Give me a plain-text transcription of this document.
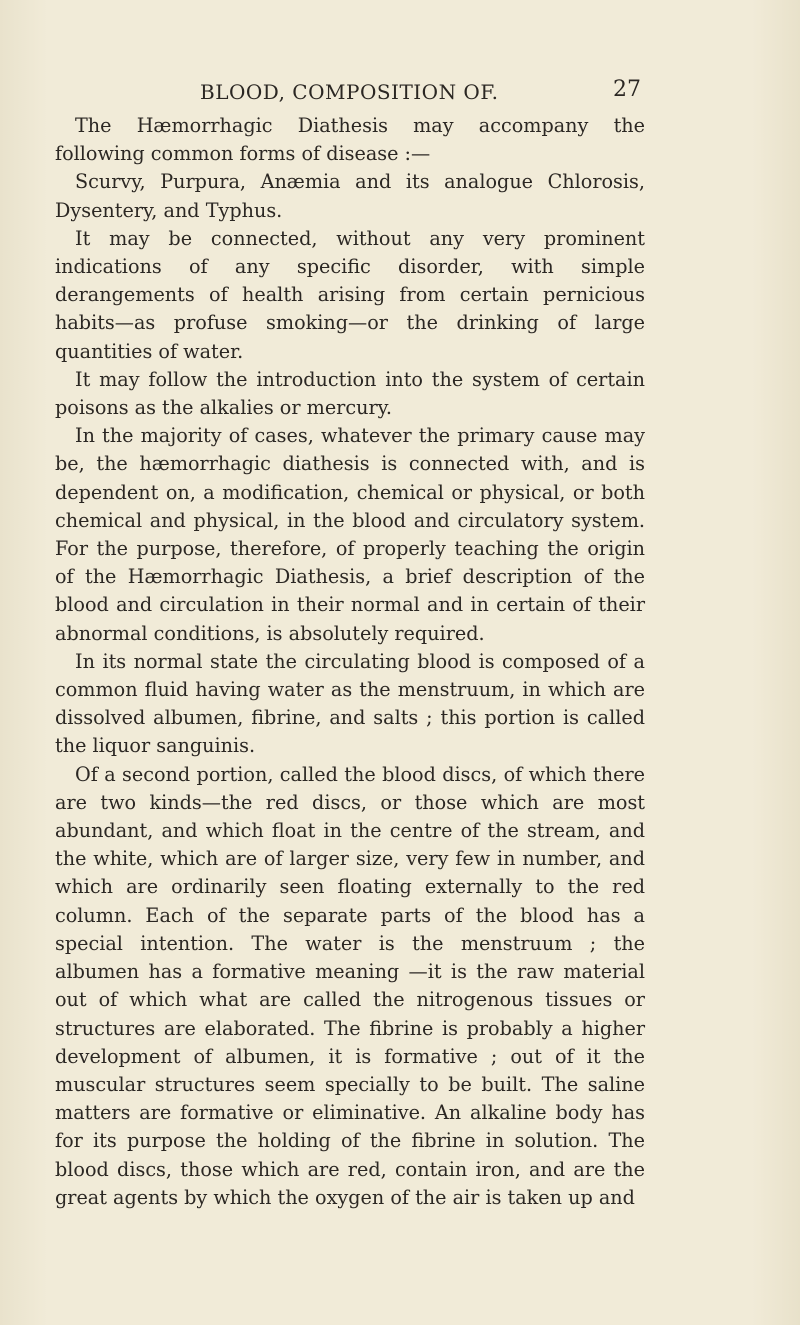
BLOOD, COMPOSITION OF.	27

The Hæmorrhagic Diathesis may accompany the following common forms of disease :—

Scurvy, Purpura, Anæmia and its analogue Chlorosis, Dysentery, and Typhus.

It may be connected, without any very prominent indications of any specific disorder, with simple derangements of health arising from certain pernicious habits—as profuse smoking—or the drinking of large quantities of water.

It may follow the introduction into the system of certain poisons as the alkalies or mercury.

In the majority of cases, whatever the primary cause may be, the hæmorrhagic diathesis is connected with, and is dependent on, a modification, chemical or physical, or both chemical and physical, in the blood and circulatory system. For the purpose, therefore, of properly teaching the origin of the Hæmorrhagic Diathesis, a brief description of the blood and circulation in their normal and in certain of their abnormal conditions, is absolutely required.

In its normal state the circulating blood is composed of a common fluid having water as the menstruum, in which are dissolved albumen, fibrine, and salts ; this portion is called the liquor sanguinis.

Of a second portion, called the blood discs, of which there are two kinds—the red discs, or those which are most abundant, and which float in the centre of the stream, and the white, which are of larger size, very few in number, and which are ordinarily seen floating externally to the red column. Each of the separate parts of the blood has a special intention. The water is the menstruum ; the albumen has a formative meaning —it is the raw material out of which what are called the nitrogenous tissues or structures are elaborated. The fibrine is probably a higher development of albumen, it is formative ; out of it the muscular structures seem specially to be built. The saline matters are formative or eliminative. An alkaline body has for its purpose the holding of the fibrine in solution. The blood discs, those which are red, contain iron, and are the great agents by which the oxygen of the air is taken up and
